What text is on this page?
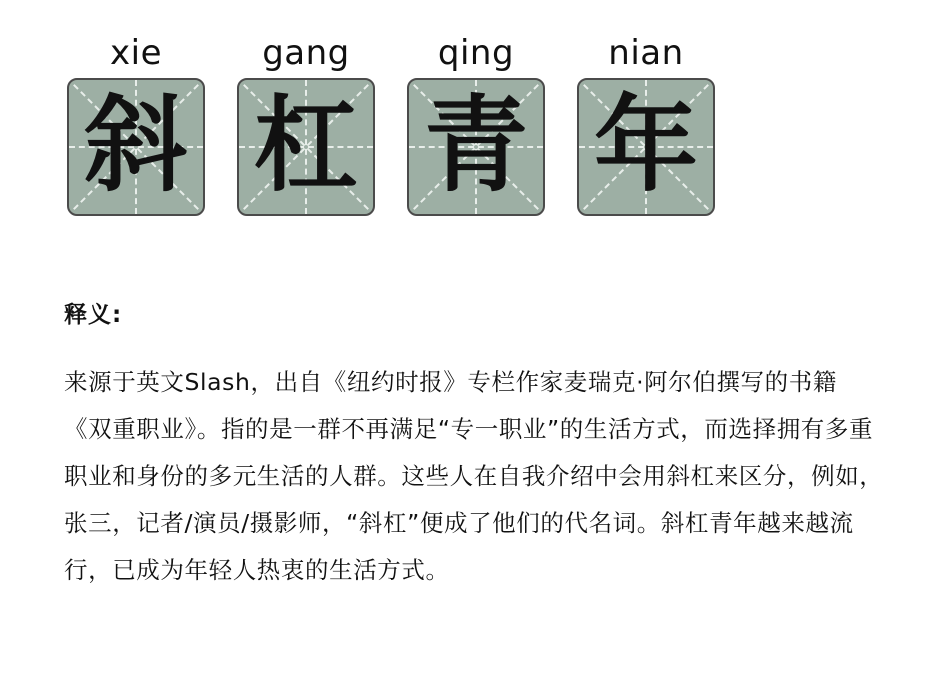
xie
斜
gang
杠
qing
青
nian
年
释义:
来源于英文Slash，出自《纽约时报》专栏作家麦瑞克·阿尔伯撰写的书籍《双重职业》。指的是一群不再满足“专一职业”的生活方式，而选择拥有多重职业和身份的多元生活的人群。这些人在自我介绍中会用斜杠来区分，例如，张三，记者/演员/摄影师，“斜杠”便成了他们的代名词。斜杠青年越来越流行，已成为年轻人热衷的生活方式。
